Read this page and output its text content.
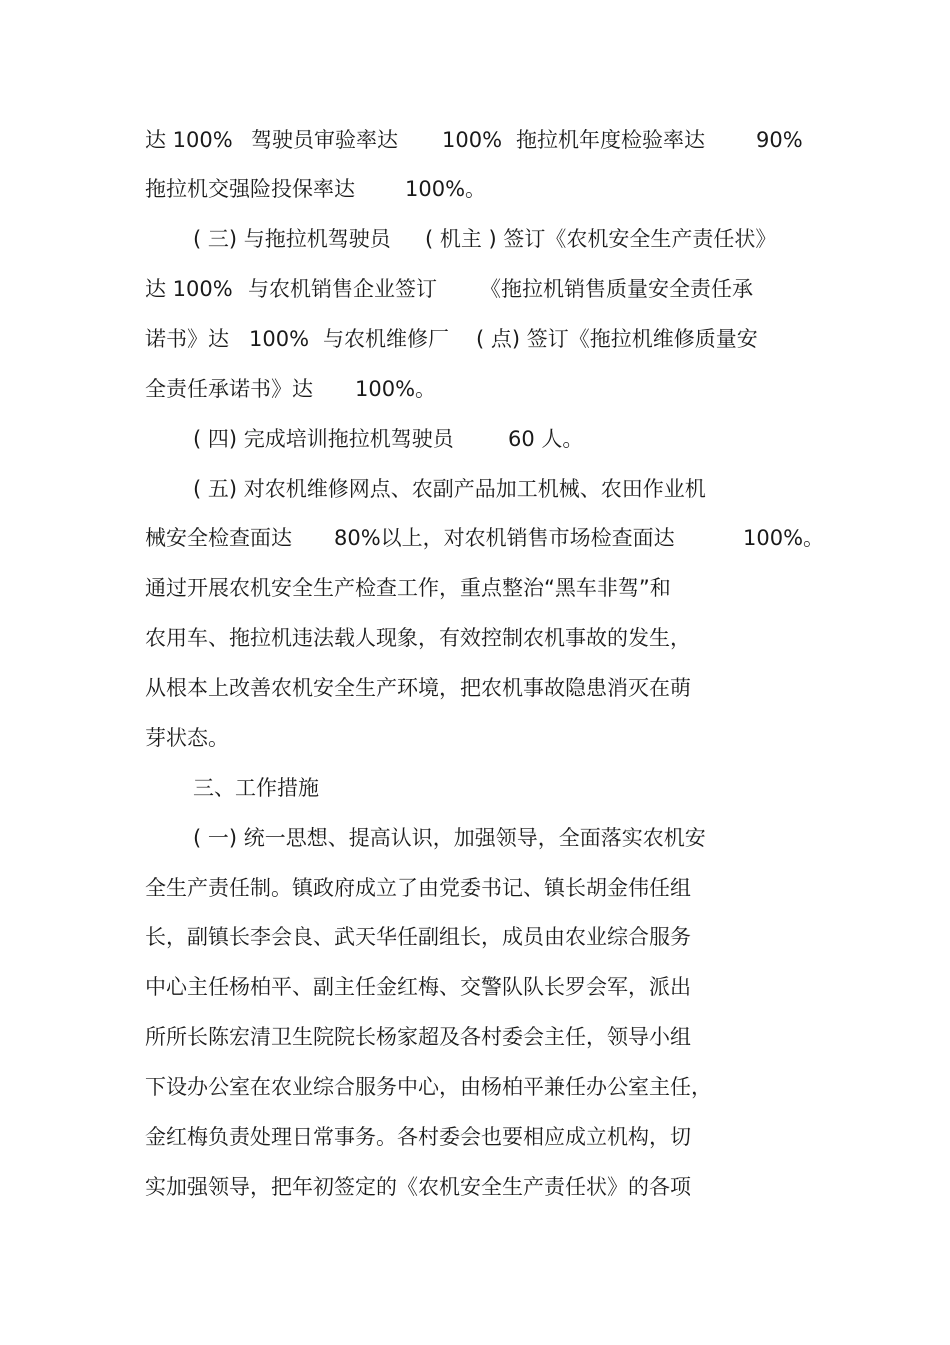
达 100%

驾驶员审验率达

100%

拖拉机年度检验率达

90%

拖拉机交强险投保率达

100%。

( 三) 与拖拉机驾驶员

( 机主 ) 签订《农机安全生产责任状》

达 100%

与农机销售企业签订

《拖拉机销售质量安全责任承

诺书》达

100%

与农机维修厂

( 点) 签订《拖拉机维修质量安

全责任承诺书》达

100%。

( 四) 完成培训拖拉机驾驶员

	60 人。

( 五) 对农机维修网点、农副产品加工机械、农田作业机

械安全检查面达

80%以上，对农机销售市场检查面达

	100%。

通过开展农机安全生产检查工作，重点整治“黑车非驾”和

农用车、拖拉机违法载人现象，有效控制农机事故的发生，

从根本上改善农机安全生产环境，把农机事故隐患消灭在萌

芽状态。

三、工作措施

( 一) 统一思想、提高认识，加强领导，全面落实农机安

全生产责任制。镇政府成立了由党委书记、镇长胡金伟任组

长，副镇长李会良、武天华任副组长，成员由农业综合服务

中心主任杨柏平、副主任金红梅、交警队队长罗会军，派出

所所长陈宏清卫生院院长杨家超及各村委会主任，领导小组

下设办公室在农业综合服务中心，由杨柏平兼任办公室主任，

金红梅负责处理日常事务。各村委会也要相应成立机构，切

实加强领导，把年初签定的《农机安全生产责任状》的各项
